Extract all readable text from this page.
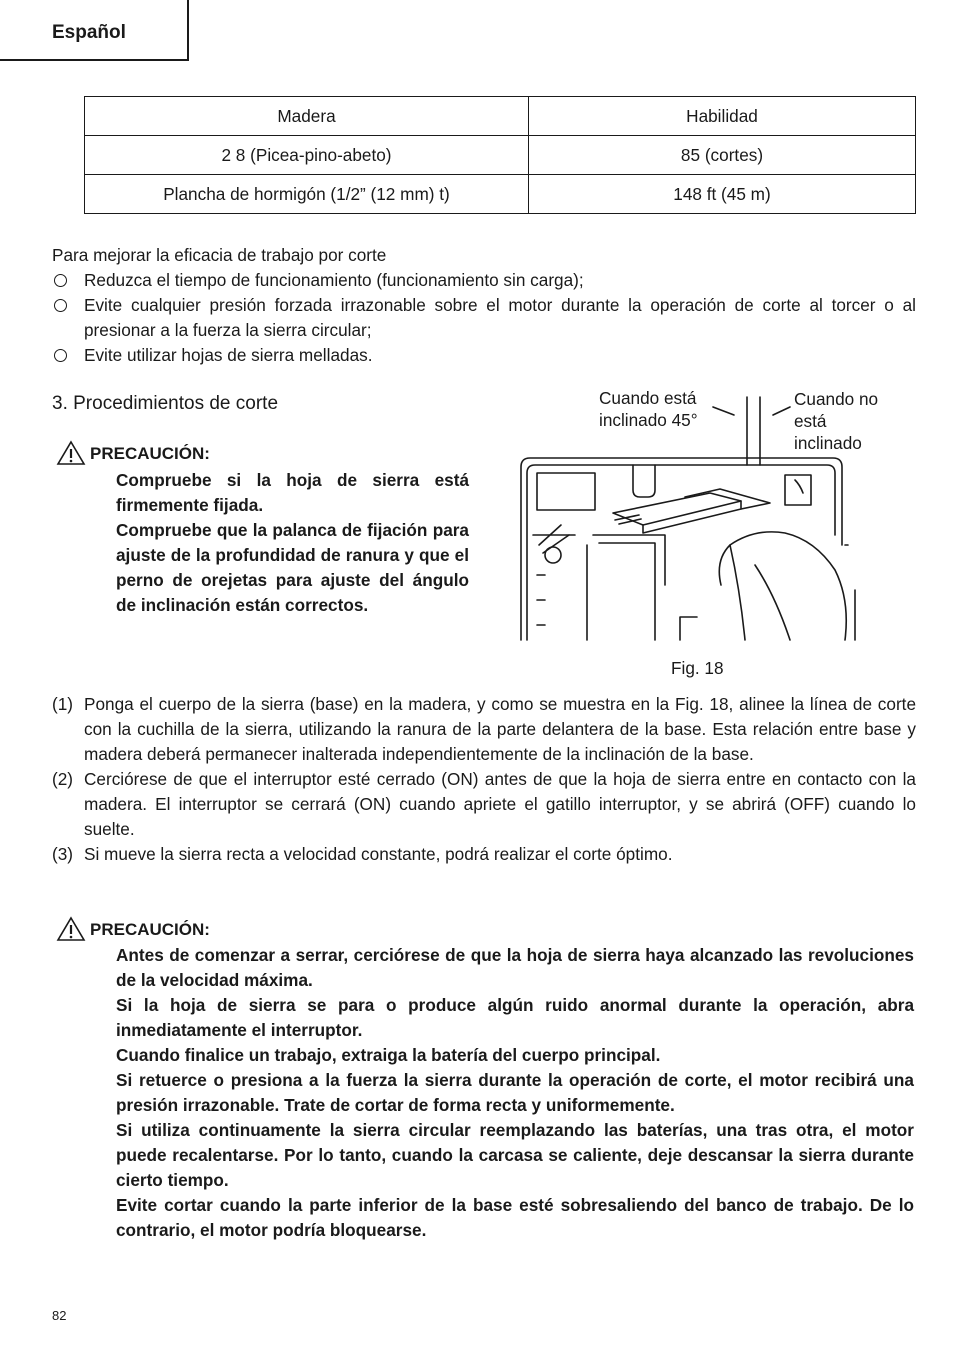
Español
Madera	Habilidad
2 8 (Picea-pino-abeto)	85 (cortes)
Plancha de hormigón (1/2” (12 mm) t)	148 ft (45 m)
Para mejorar la eficacia de trabajo por corte
Reduzca el tiempo de funcionamiento (funcionamiento sin carga);
Evite cualquier presión forzada irrazonable sobre el motor durante la operación de corte al torcer o al presionar a la fuerza la sierra circular;
Evite utilizar hojas de sierra melladas.
3. Procedimientos de corte
PRECAUCIÓN:

Compruebe si la hoja de sierra está firmemente fijada.

Compruebe que la palanca de fijación para ajuste de la profundidad de ranura y que el perno de orejetas para ajuste del ángulo de inclinación están correctos.

Cuando está
inclinado 45°
Cuando no
está
inclinado
Fig. 18
(1) Ponga el cuerpo de la sierra (base) en la madera, y como se muestra en la Fig. 18, alinee la línea de corte con la cuchilla de la sierra, utilizando la ranura de la parte delantera de la base. Esta relación entre base y madera deberá permanecer inalterada independientemente de la inclinación de la base.
(2) Cerciórese de que el interruptor esté cerrado (ON) antes de que la hoja de sierra entre en contacto con la madera. El interruptor se cerrará (ON) cuando apriete el gatillo interruptor, y se abrirá (OFF) cuando lo suelte.
(3) Si mueve la sierra recta a velocidad constante, podrá realizar el corte óptimo.
PRECAUCIÓN:

Antes de comenzar a serrar, cerciórese de que la hoja de sierra haya alcanzado las revoluciones de la velocidad máxima.

Si la hoja de sierra se para o produce algún ruido anormal durante la operación, abra inmediatamente el interruptor.

Cuando finalice un trabajo, extraiga la batería del cuerpo principal.

Si retuerce o presiona a la fuerza la sierra durante la operación de corte, el motor recibirá una presión irrazonable. Trate de cortar de forma recta y uniformemente.

Si utiliza continuamente la sierra circular reemplazando las baterías, una tras otra, el motor puede recalentarse. Por lo tanto, cuando la carcasa se caliente, deje descansar la sierra durante cierto tiempo.

Evite cortar cuando la parte inferior de la base esté sobresaliendo del banco de trabajo. De lo contrario, el motor podría bloquearse.

82
